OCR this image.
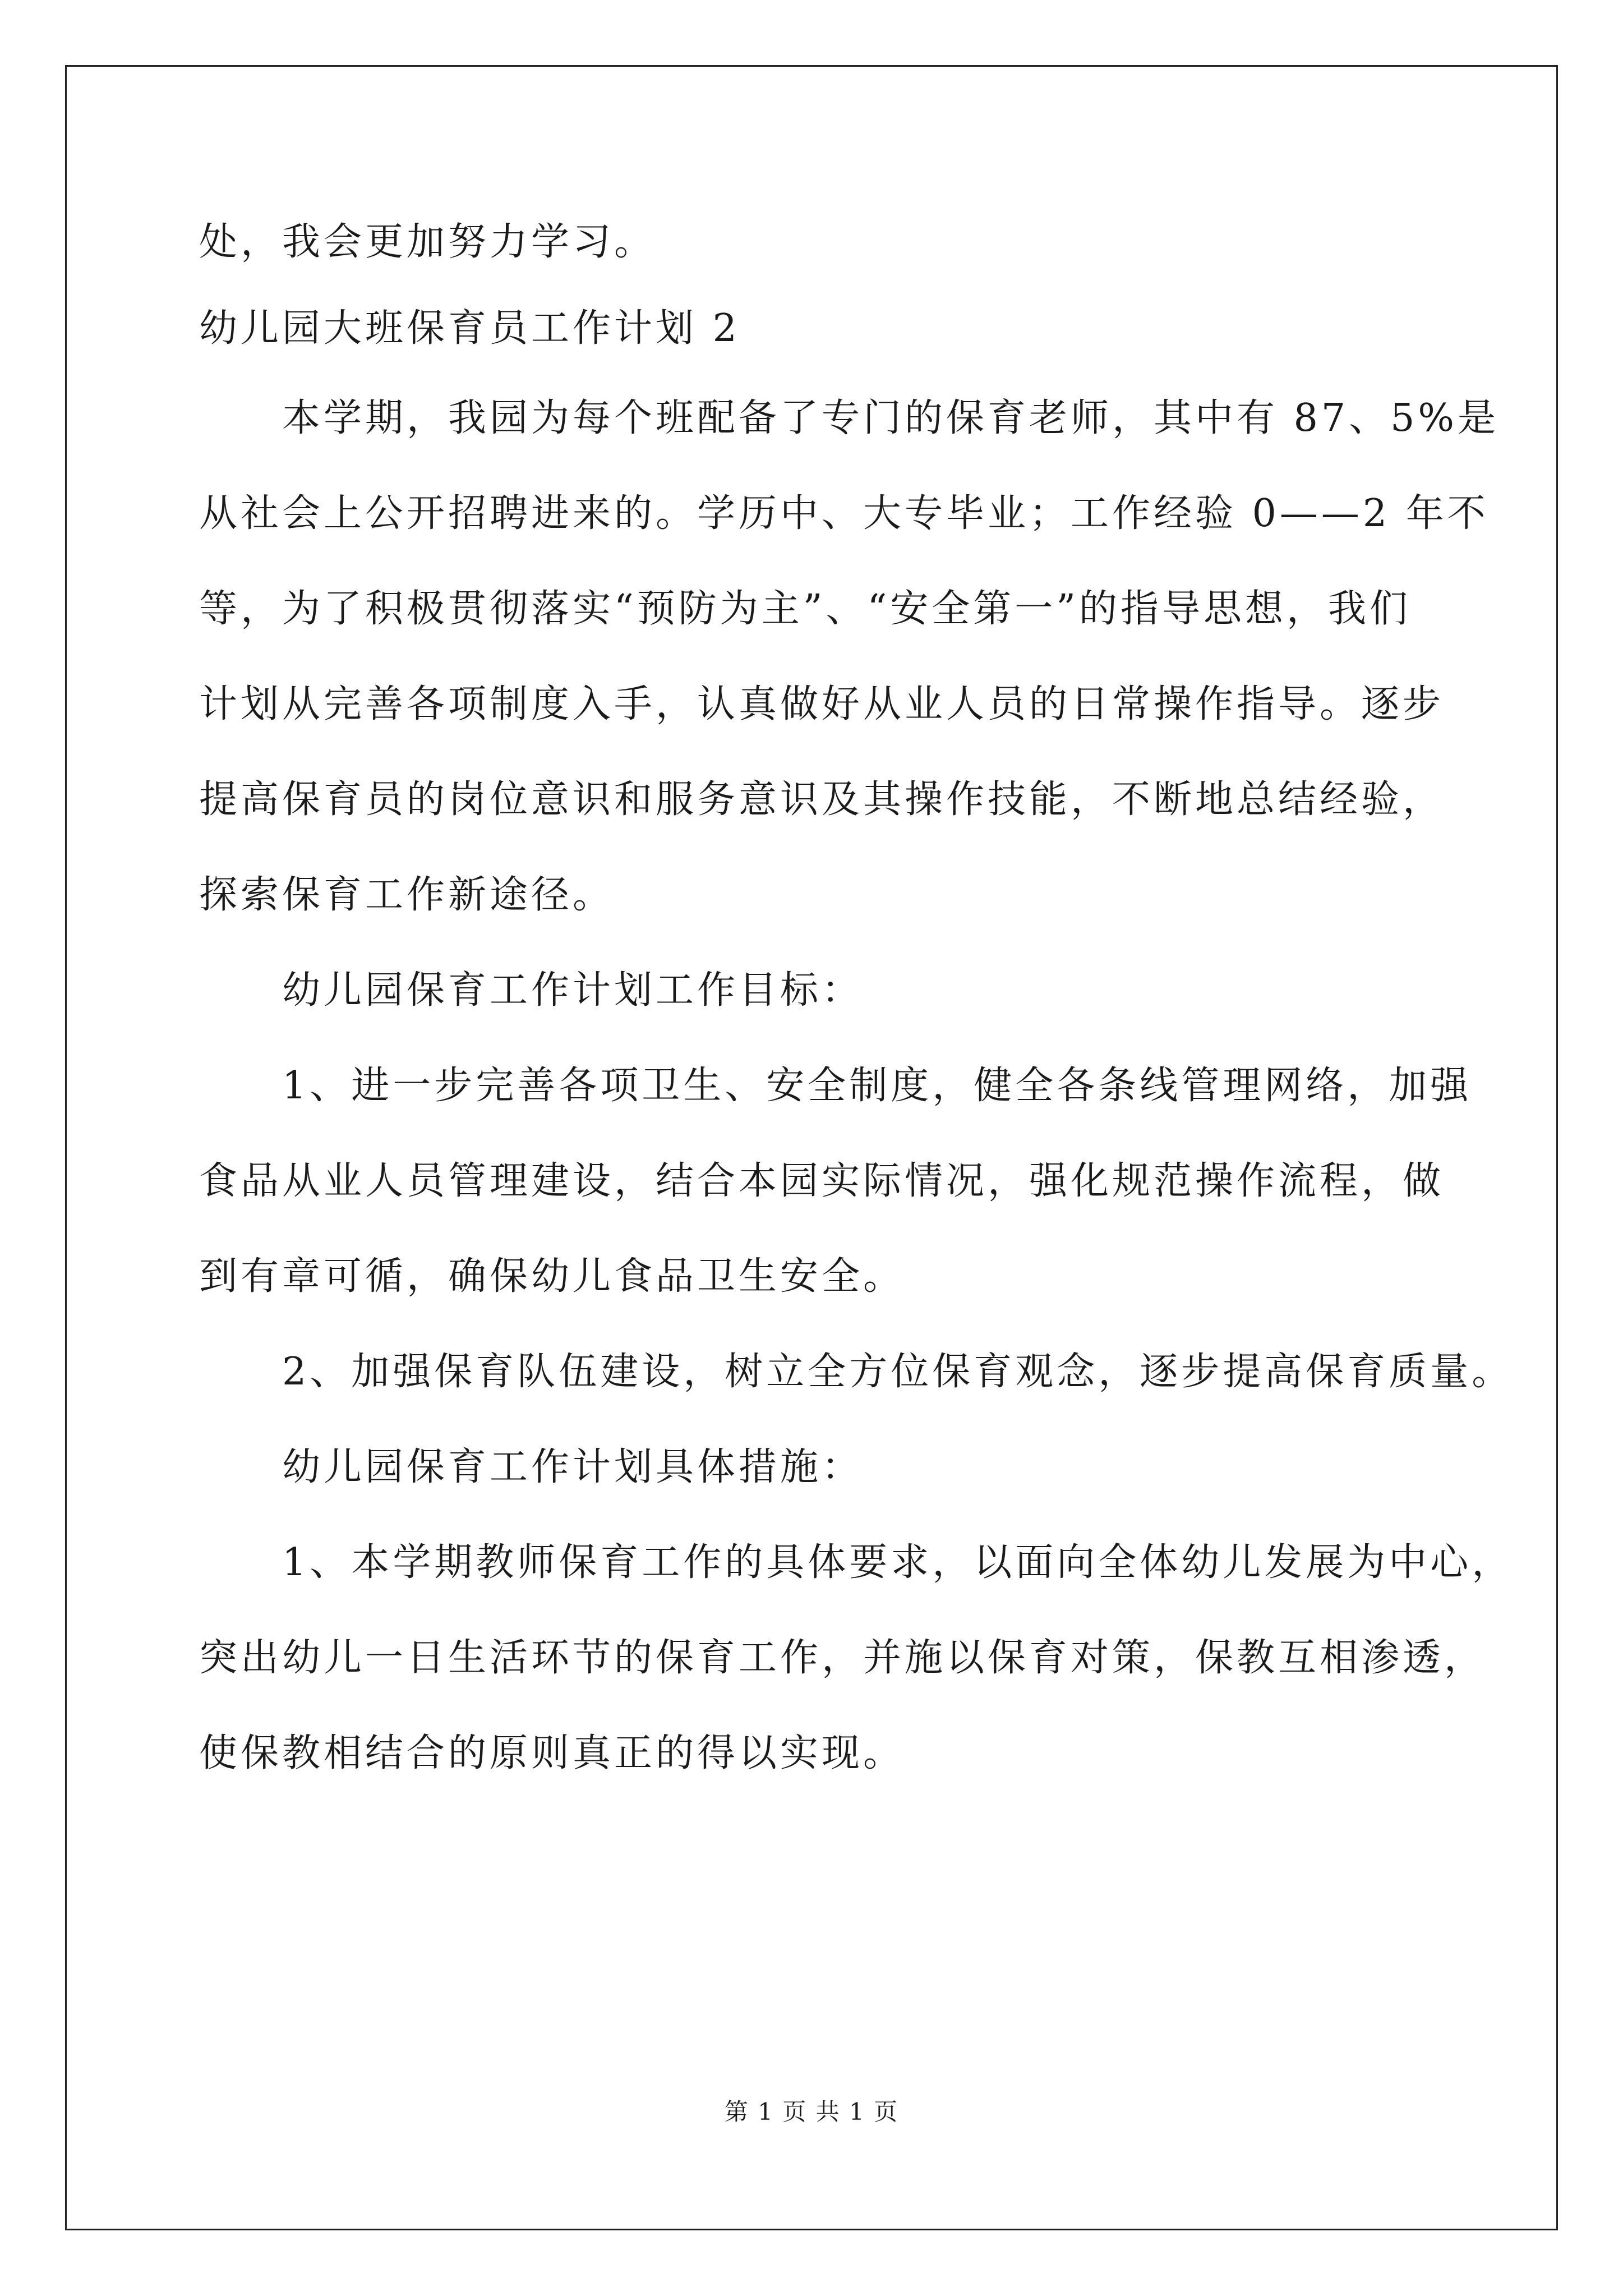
处，我会更加努力学习。
幼儿园大班保育员工作计划 2
本学期，我园为每个班配备了专门的保育老师，其中有 87、5%是
从社会上公开招聘进来的。学历中、大专毕业；工作经验 0——2 年不
等，为了积极贯彻落实“预防为主”、“安全第一”的指导思想，我们
计划从完善各项制度入手，认真做好从业人员的日常操作指导。逐步
提高保育员的岗位意识和服务意识及其操作技能，不断地总结经验，
探索保育工作新途径。
幼儿园保育工作计划工作目标：
1、进一步完善各项卫生、安全制度，健全各条线管理网络，加强
食品从业人员管理建设，结合本园实际情况，强化规范操作流程，做
到有章可循，确保幼儿食品卫生安全。
2、加强保育队伍建设，树立全方位保育观念，逐步提高保育质量。
幼儿园保育工作计划具体措施：
1、本学期教师保育工作的具体要求，以面向全体幼儿发展为中心，
突出幼儿一日生活环节的保育工作，并施以保育对策，保教互相渗透，
使保教相结合的原则真正的得以实现。
第 1 页 共 1 页
